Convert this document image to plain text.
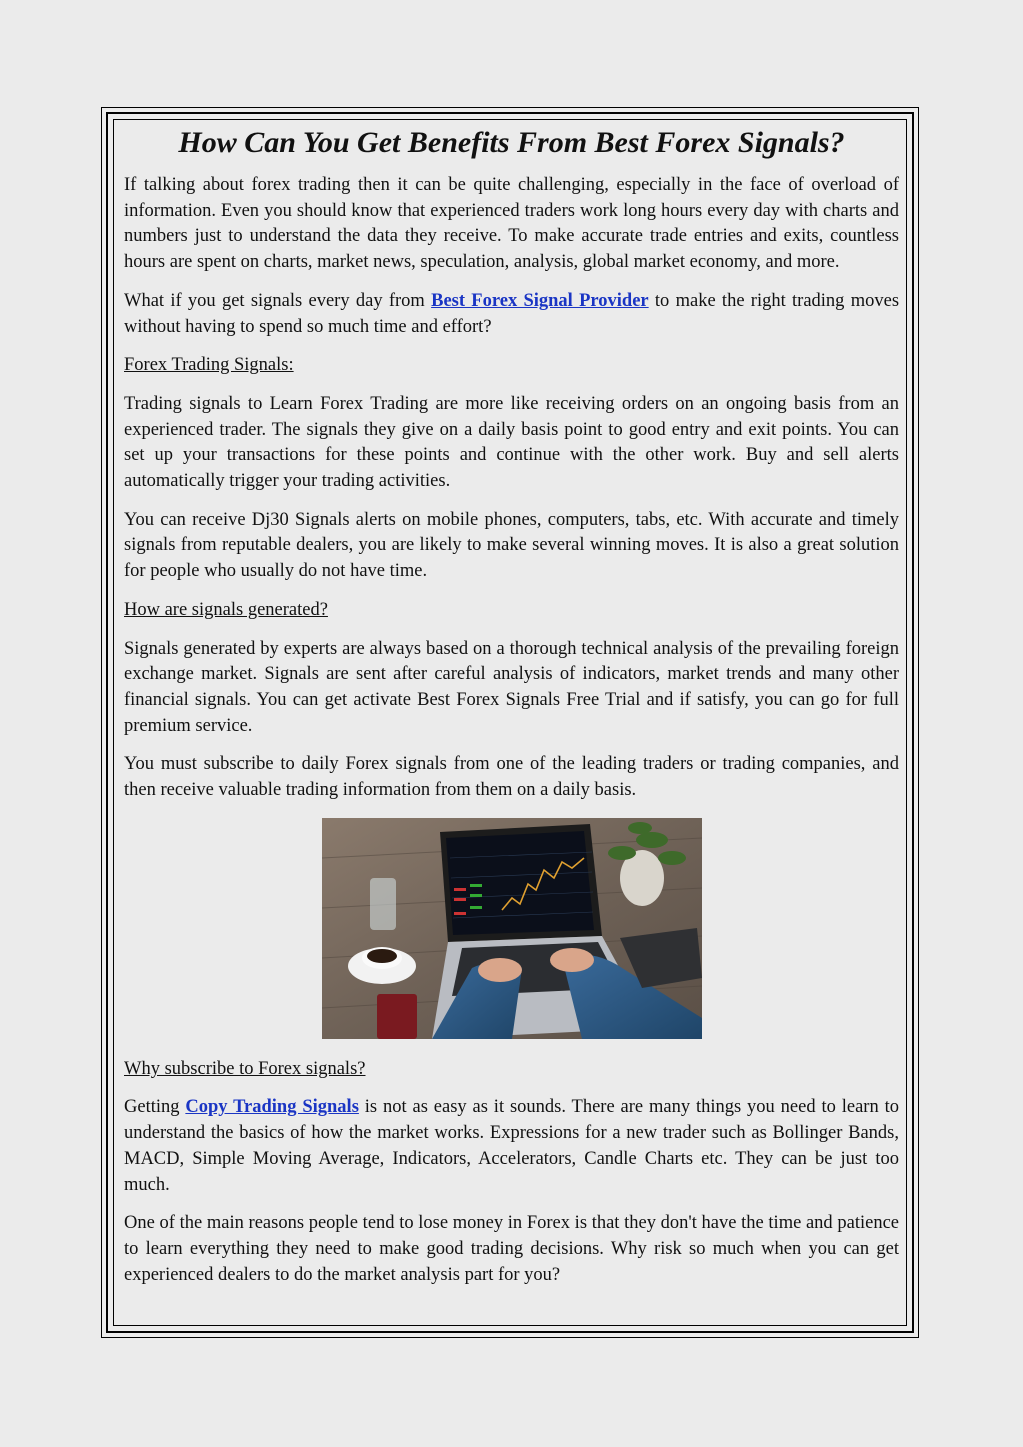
How Can You Get Benefits From Best Forex Signals?

If talking about forex trading then it can be quite challenging, especially in the face of overload of information. Even you should know that experienced traders work long hours every day with charts and numbers just to understand the data they receive. To make accurate trade entries and exits, countless hours are spent on charts, market news, speculation, analysis, global market economy, and more.

What if you get signals every day from Best Forex Signal Provider to make the right trading moves without having to spend so much time and effort?

Forex Trading Signals:

Trading signals to Learn Forex Trading are more like receiving orders on an ongoing basis from an experienced trader. The signals they give on a daily basis point to good entry and exit points. You can set up your transactions for these points and continue with the other work. Buy and sell alerts automatically trigger your trading activities.

You can receive Dj30 Signals alerts on mobile phones, computers, tabs, etc. With accurate and timely signals from reputable dealers, you are likely to make several winning moves. It is also a great solution for people who usually do not have time.

How are signals generated?

Signals generated by experts are always based on a thorough technical analysis of the prevailing foreign exchange market. Signals are sent after careful analysis of indicators, market trends and many other financial signals. You can get activate Best Forex Signals Free Trial and if satisfy, you can go for full premium service.

You must subscribe to daily Forex signals from one of the leading traders or trading companies, and then receive valuable trading information from them on a daily basis.

Why subscribe to Forex signals?

Getting Copy Trading Signals is not as easy as it sounds. There are many things you need to learn to understand the basics of how the market works. Expressions for a new trader such as Bollinger Bands, MACD, Simple Moving Average, Indicators, Accelerators, Candle Charts etc. They can be just too much.

One of the main reasons people tend to lose money in Forex is that they don't have the time and patience to learn everything they need to make good trading decisions. Why risk so much when you can get experienced dealers to do the market analysis part for you?
